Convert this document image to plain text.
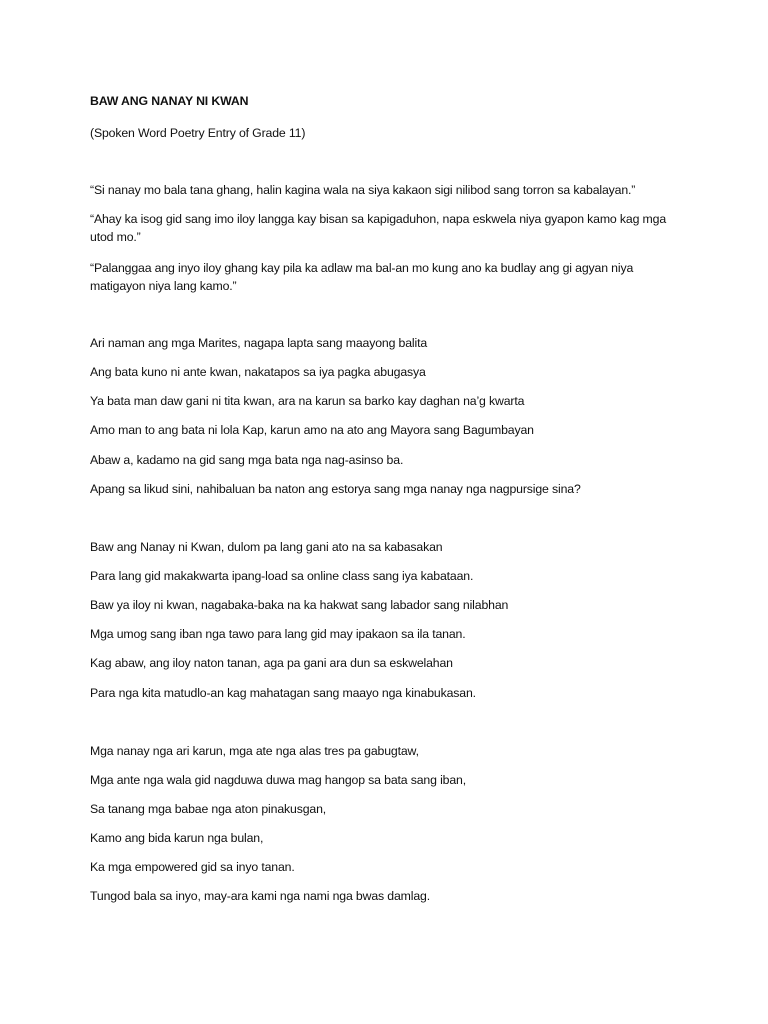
BAW ANG NANAY NI KWAN
(Spoken Word Poetry Entry of Grade 11)
“Si nanay mo bala tana ghang, halin kagina wala na siya kakaon sigi nilibod sang torron sa kabalayan.”
“Ahay ka isog gid sang imo iloy langga kay bisan sa kapigaduhon, napa eskwela niya gyapon kamo kag mga utod mo.”
“Palanggaa ang inyo iloy ghang kay pila ka adlaw ma bal-an mo kung ano ka budlay ang gi agyan niya matigayon niya lang kamo.”
Ari naman ang mga Marites, nagapa lapta sang maayong balita
Ang bata kuno ni ante kwan, nakatapos sa iya pagka abugasya
Ya bata man daw gani ni tita kwan, ara na karun sa barko kay daghan na’g kwarta
Amo man to ang bata ni lola Kap, karun amo na ato ang Mayora sang Bagumbayan
Abaw a, kadamo na gid sang mga bata nga nag-asinso ba.
Apang sa likud sini, nahibaluan ba naton ang estorya sang mga nanay nga nagpursige sina?
Baw ang Nanay ni Kwan, dulom pa lang gani ato na sa kabasakan
Para lang gid makakwarta ipang-load sa online class sang iya kabataan.
Baw ya iloy ni kwan, nagabaka-baka na ka hakwat sang labador sang nilabhan
Mga umog sang iban nga tawo para lang gid may ipakaon sa ila tanan.
Kag abaw, ang iloy naton tanan, aga pa gani ara dun sa eskwelahan
Para nga kita matudlo-an kag mahatagan sang maayo nga kinabukasan.
Mga nanay nga ari karun, mga ate nga alas tres pa gabugtaw,
Mga ante nga wala gid nagduwa duwa mag hangop sa bata sang iban,
Sa tanang mga babae nga aton pinakusgan,
Kamo ang bida karun nga bulan,
Ka mga empowered gid sa inyo tanan.
Tungod bala sa inyo, may-ara kami nga nami nga bwas damlag.
